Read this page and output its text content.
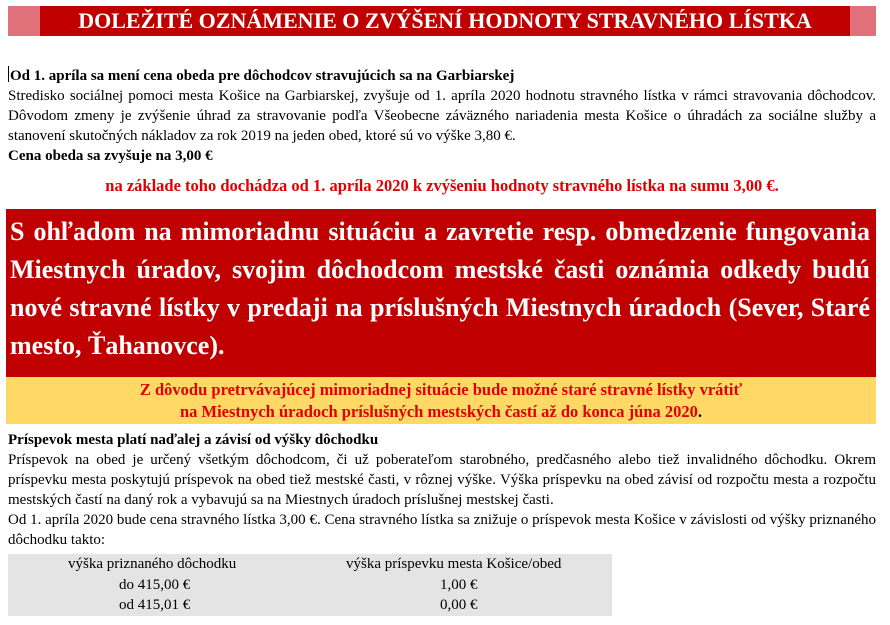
DOLEŽITÉ OZNÁMENIE O ZVÝŠENÍ HODNOTY STRAVNÉHO LÍSTKA
Od 1. apríla sa mení cena obeda pre dôchodcov stravujúcich sa na Garbiarskej
Stredisko sociálnej pomoci mesta Košice na Garbiarskej, zvyšuje od 1. apríla 2020 hodnotu stravného lístka v rámci stravovania dôchodcov. Dôvodom zmeny je zvýšenie úhrad za stravovanie podľa Všeobecne záväzného nariadenia mesta Košice o úhradách za sociálne služby a stanovení skutočných nákladov za rok 2019 na jeden obed, ktoré sú vo výške 3,80 €.
Cena obeda sa zvyšuje na 3,00 €
na základe toho dochádza od 1. apríla 2020 k zvýšeniu hodnoty stravného lístka na sumu 3,00 €.
S ohľadom na mimoriadnu situáciu a zavretie resp. obmedzenie fungovania Miestnych úradov, svojim dôchodcom mestské časti oznámia odkedy budú nové stravné lístky v predaji na príslušných Miestnych úradoch (Sever, Staré mesto, Ťahanovce).
Z dôvodu pretrvávajúcej mimoriadnej situácie bude možné staré stravné lístky vrátiť
na Miestnych úradoch príslušných mestských častí až do konca júna 2020.
Príspevok mesta platí naďalej a závisí od výšky dôchodku
Príspevok na obed je určený všetkým dôchodcom, či už poberateľom starobného, predčasného alebo tiež invalidného dôchodku. Okrem príspevku mesta poskytujú príspevok na obed tiež mestské časti, v rôznej výške. Výška príspevku na obed závisí od rozpočtu mesta a rozpočtu mestských častí na daný rok a vybavujú sa na Miestnych úradoch príslušnej mestskej časti.
Od 1. apríla 2020 bude cena stravného lístka 3,00 €. Cena stravného lístka sa znižuje o príspevok mesta Košice v závislosti od výšky priznaného dôchodku takto:
výška priznaného dôchodku	výška príspevku mesta Košice/obed
do 415,00 €	1,00 €
od 415,01 €	0,00 €
